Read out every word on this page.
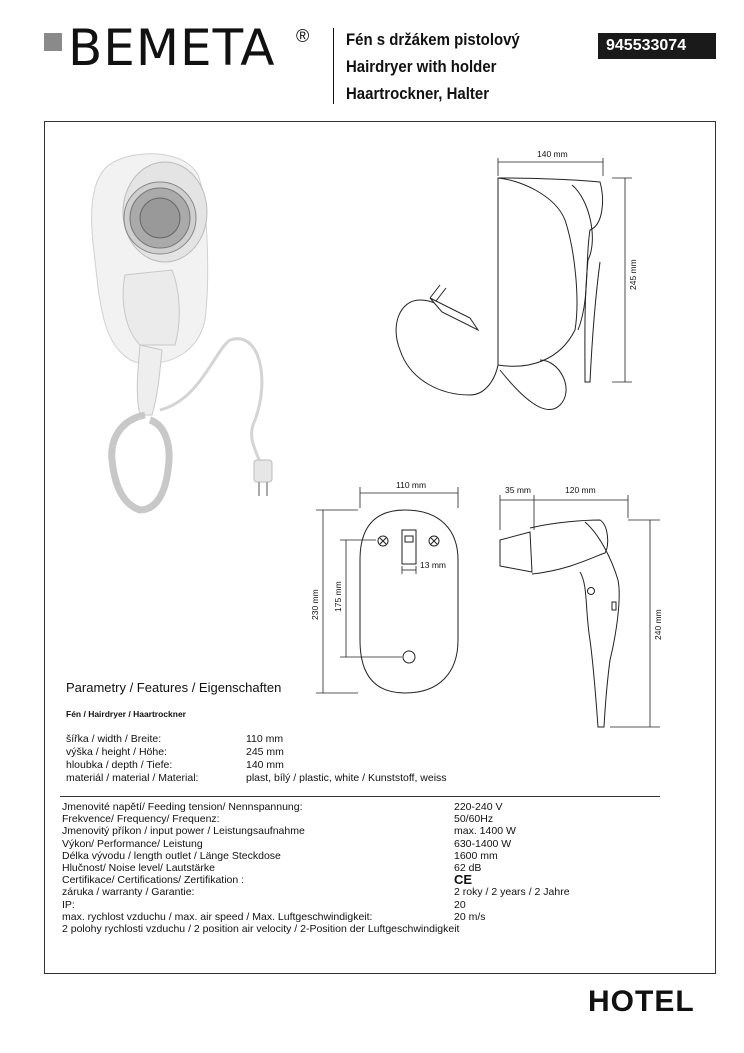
BEMETA ® Fén s držákem pistolový
Hairdryer with holder
Haartrockner, Halter
945533074
140 mm
245 mm
110 mm
230 mm 175 mm
13 mm
35 mm	120 mm
240 mm
Parametry / Features / Eigenschaften
Fén / Hairdryer / Haartrockner
šířka / width / Breite:	110 mm
výška / height / Höhe:	245 mm
hloubka / depth / Tiefe:	140 mm
materiál / material / Material:	plast, bílý / plastic, white / Kunststoff, weiss
Jmenovité napětí/ Feeding tension/ Nennspannung:	220-240 V
Frekvence/ Frequency/ Frequenz:	50/60Hz
Jmenovitý příkon / input power / Leistungsaufnahme	max. 1400 W
Výkon/ Performance/ Leistung	630-1400 W
Délka vývodu / length outlet / Länge Steckdose	1600 mm
Hlučnost/ Noise level/ Lautstärke	62 dB
Certifikace/ Certifications/ Zertifikation :	CE
záruka / warranty / Garantie:	2 roky / 2 years / 2 Jahre
IP:	20
max. rychlost vzduchu / max. air speed / Max. Luftgeschwindigkeit:	20 m/s
2 polohy rychlosti vzduchu / 2 position air velocity / 2-Position der Luftgeschwindigkeit
HOTEL
